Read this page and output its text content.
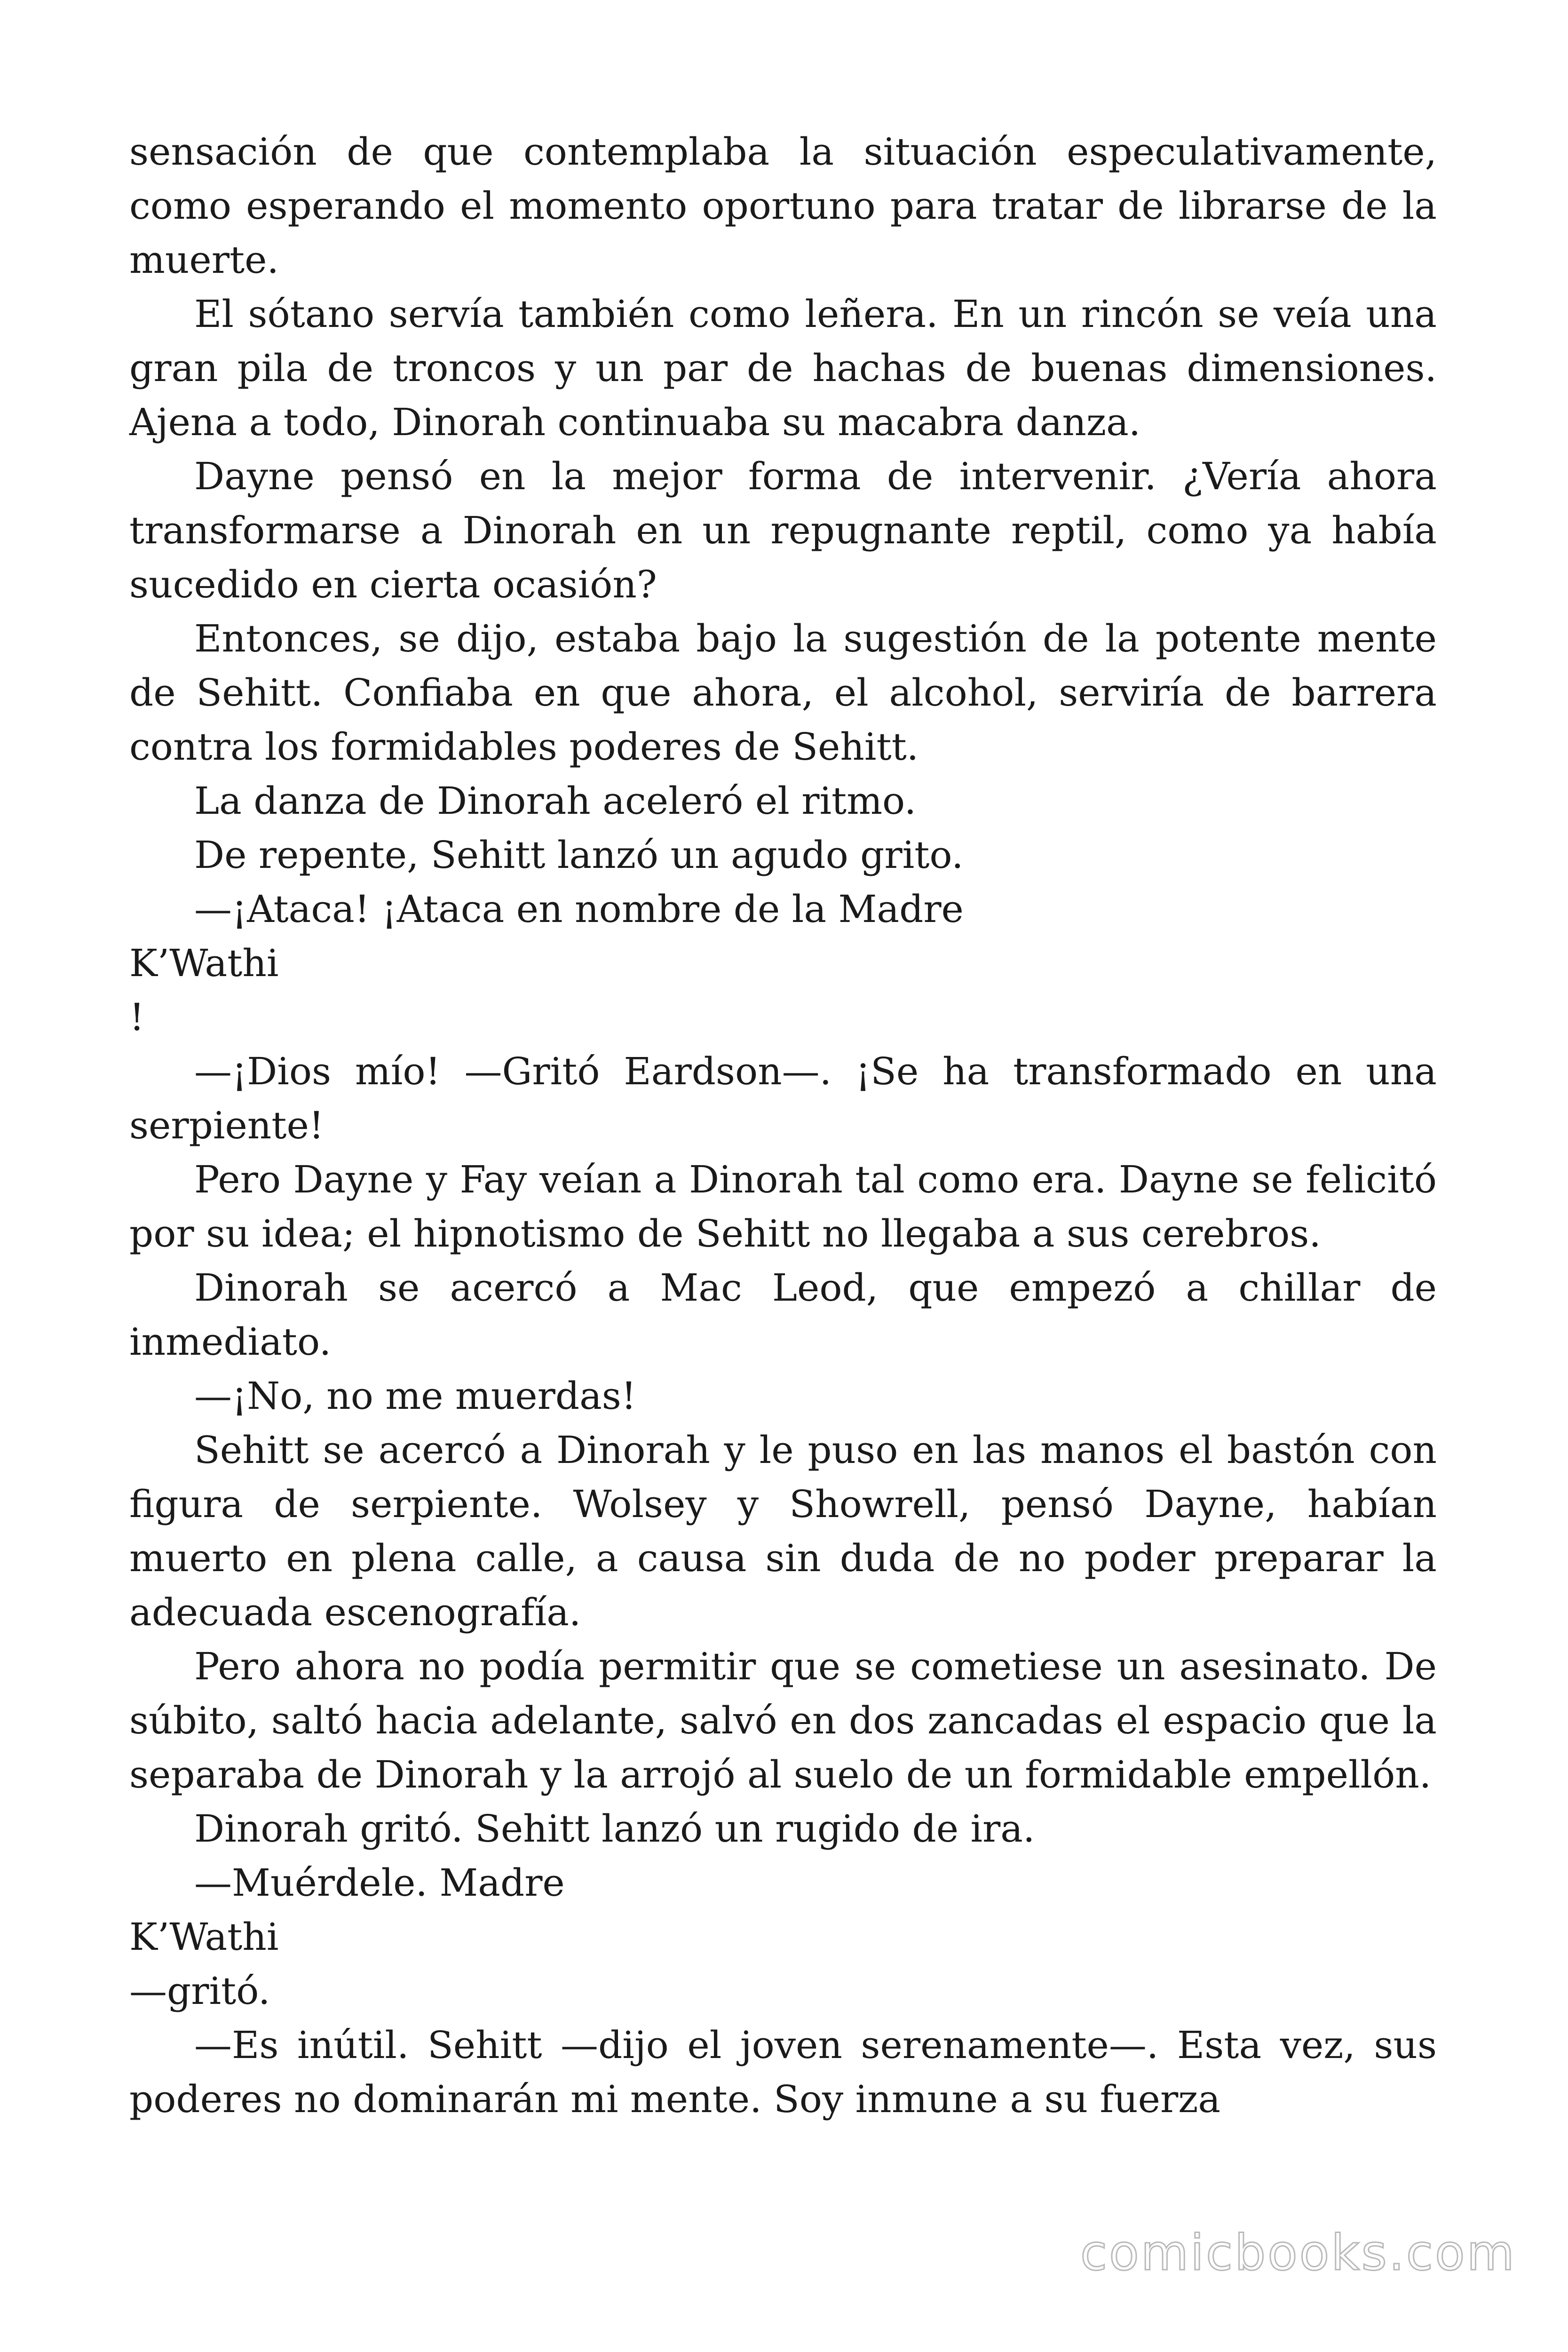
sensación de que contemplaba la situación especulativamente, como esperando el momento oportuno para tratar de librarse de la muerte.

El sótano servía también como leñera. En un rincón se veía una gran pila de troncos y un par de hachas de buenas dimensiones. Ajena a todo, Dinorah continuaba su macabra danza.

Dayne pensó en la mejor forma de intervenir. ¿Vería ahora transformarse a Dinorah en un repugnante reptil, como ya había sucedido en cierta ocasión?

Entonces, se dijo, estaba bajo la sugestión de la potente mente de Sehitt. Confiaba en que ahora, el alcohol, serviría de barrera contra los formidables poderes de Sehitt.

La danza de Dinorah aceleró el ritmo.

De repente, Sehitt lanzó un agudo grito.

—¡Ataca! ¡Ataca en nombre de la Madre

K’Wathi

!

—¡Dios mío! —Gritó Eardson—. ¡Se ha transformado en una serpiente!

Pero Dayne y Fay veían a Dinorah tal como era. Dayne se felicitó por su idea; el hipnotismo de Sehitt no llegaba a sus cerebros.

Dinorah se acercó a Mac Leod, que empezó a chillar de inmediato.

—¡No, no me muerdas!

Sehitt se acercó a Dinorah y le puso en las manos el bastón con figura de serpiente. Wolsey y Showrell, pensó Dayne, habían muerto en plena calle, a causa sin duda de no poder preparar la adecuada escenografía.

Pero ahora no podía permitir que se cometiese un asesinato. De súbito, saltó hacia adelante, salvó en dos zancadas el espacio que la separaba de Dinorah y la arrojó al suelo de un formidable empellón.

Dinorah gritó. Sehitt lanzó un rugido de ira.

—Muérdele. Madre

K’Wathi

—gritó.

—Es inútil. Sehitt —dijo el joven serenamente—. Esta vez, sus poderes no dominarán mi mente. Soy inmune a su fuerza

comicbooks.com
